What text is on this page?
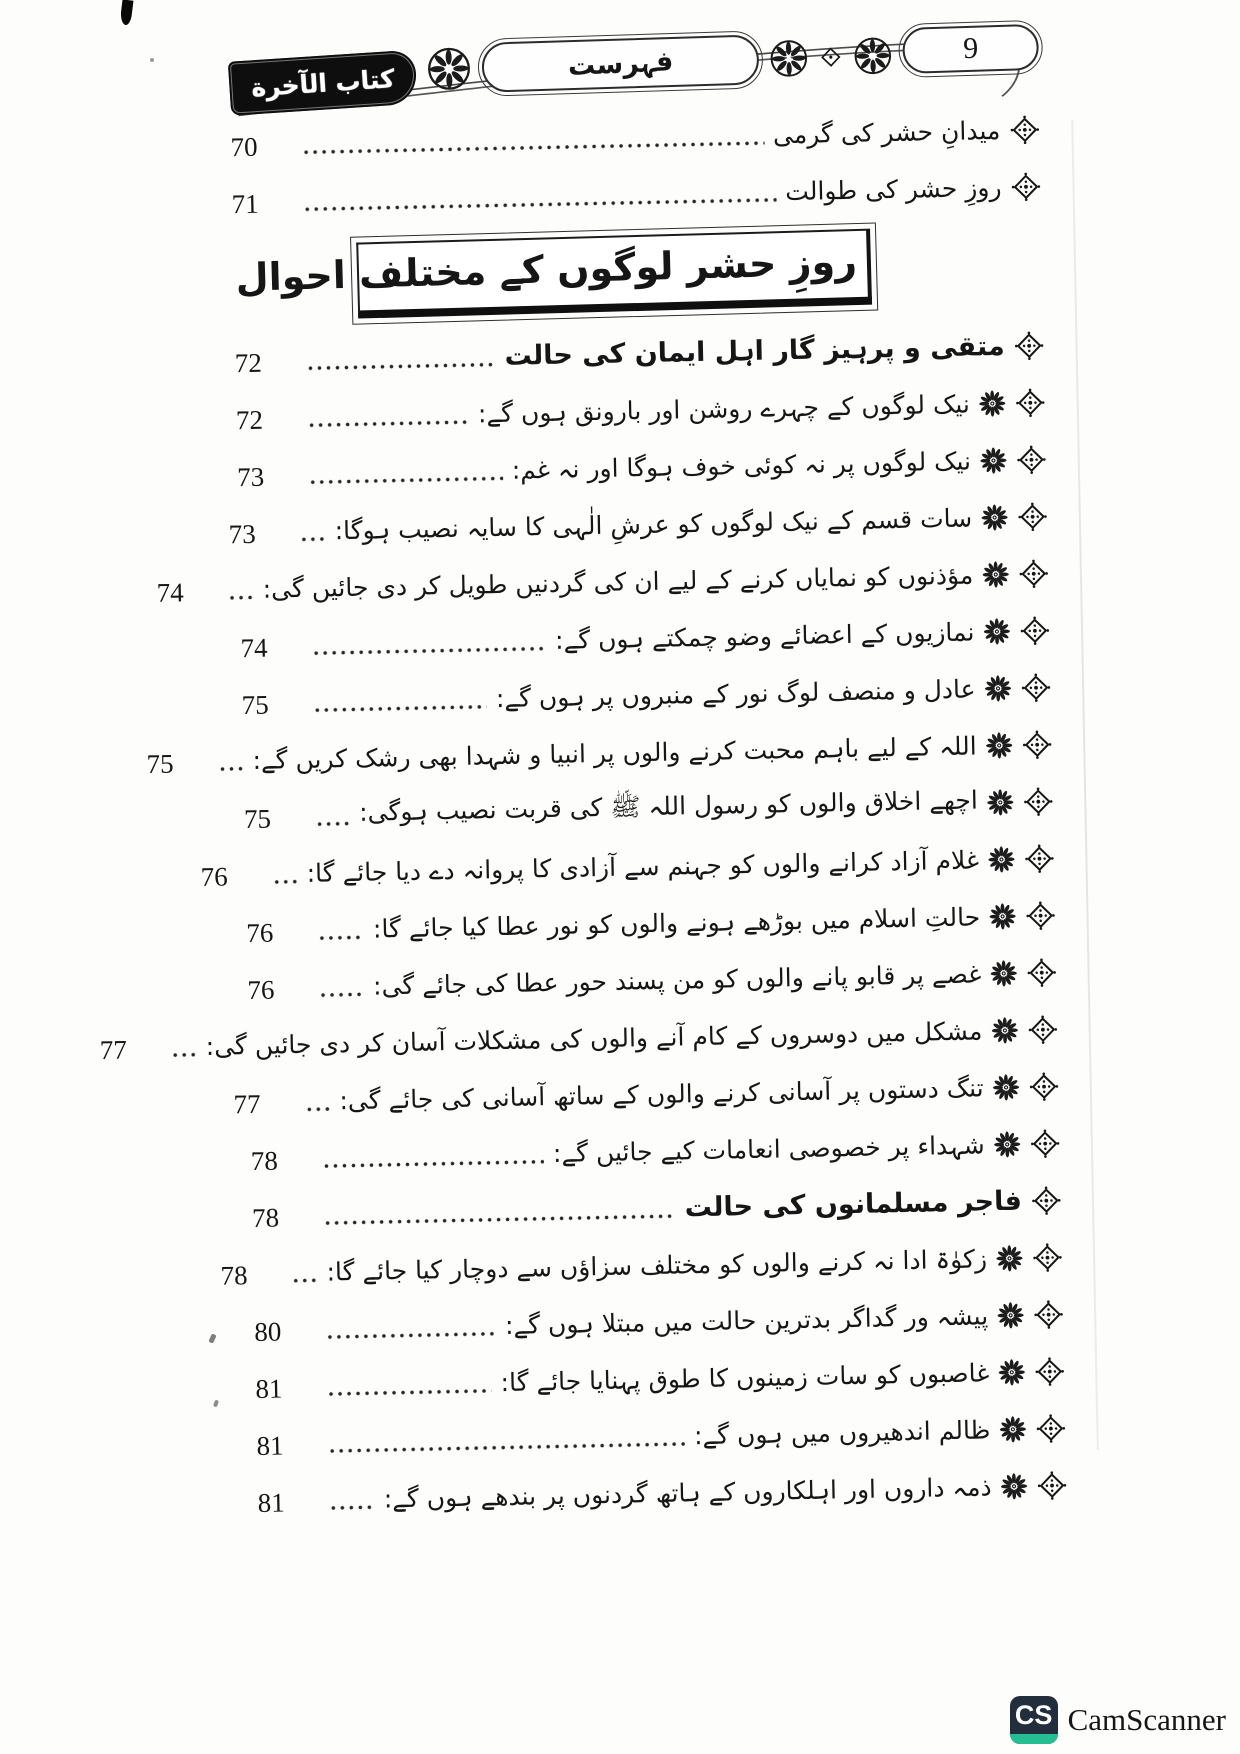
کتاب الآخرة	فہرست	9
میدانِ حشر کی گرمی
70
روزِ حشر کی طوالت
71
روزِ حشر لوگوں کے مختلف احوال
متقی و پرہیز گار اہل ایمان کی حالت
72
نیک لوگوں کے چہرے روشن اور بارونق ہوں گے:
72
نیک لوگوں پر نہ کوئی خوف ہوگا اور نہ غم:
73
سات قسم کے نیک لوگوں کو عرشِ الٰہی کا سایہ نصیب ہوگا:
73
مؤذنوں کو نمایاں کرنے کے لیے ان کی گردنیں طویل کر دی جائیں گی:
74
نمازیوں کے اعضائے وضو چمکتے ہوں گے:
74
عادل و منصف لوگ نور کے منبروں پر ہوں گے:
75
اللہ کے لیے باہم محبت کرنے والوں پر انبیا و شہدا بھی رشک کریں گے:
75
اچھے اخلاق والوں کو رسول اللہ ﷺ کی قربت نصیب ہوگی:
75
غلام آزاد کرانے والوں کو جہنم سے آزادی کا پروانہ دے دیا جائے گا:
76
حالتِ اسلام میں بوڑھے ہونے والوں کو نور عطا کیا جائے گا:
76
غصے پر قابو پانے والوں کو من پسند حور عطا کی جائے گی:
76
مشکل میں دوسروں کے کام آنے والوں کی مشکلات آسان کر دی جائیں گی:
77
تنگ دستوں پر آسانی کرنے والوں کے ساتھ آسانی کی جائے گی:
77
شہداء پر خصوصی انعامات کیے جائیں گے:
78
فاجر مسلمانوں کی حالت
78
زکوٰۃ ادا نہ کرنے والوں کو مختلف سزاؤں سے دوچار کیا جائے گا:
78
پیشہ ور گداگر بدترین حالت میں مبتلا ہوں گے:
80
غاصبوں کو سات زمینوں کا طوق پہنایا جائے گا:
81
ظالم اندھیروں میں ہوں گے:
81
ذمہ داروں اور اہلکاروں کے ہاتھ گردنوں پر بندھے ہوں گے:
81
CS CamScanner
